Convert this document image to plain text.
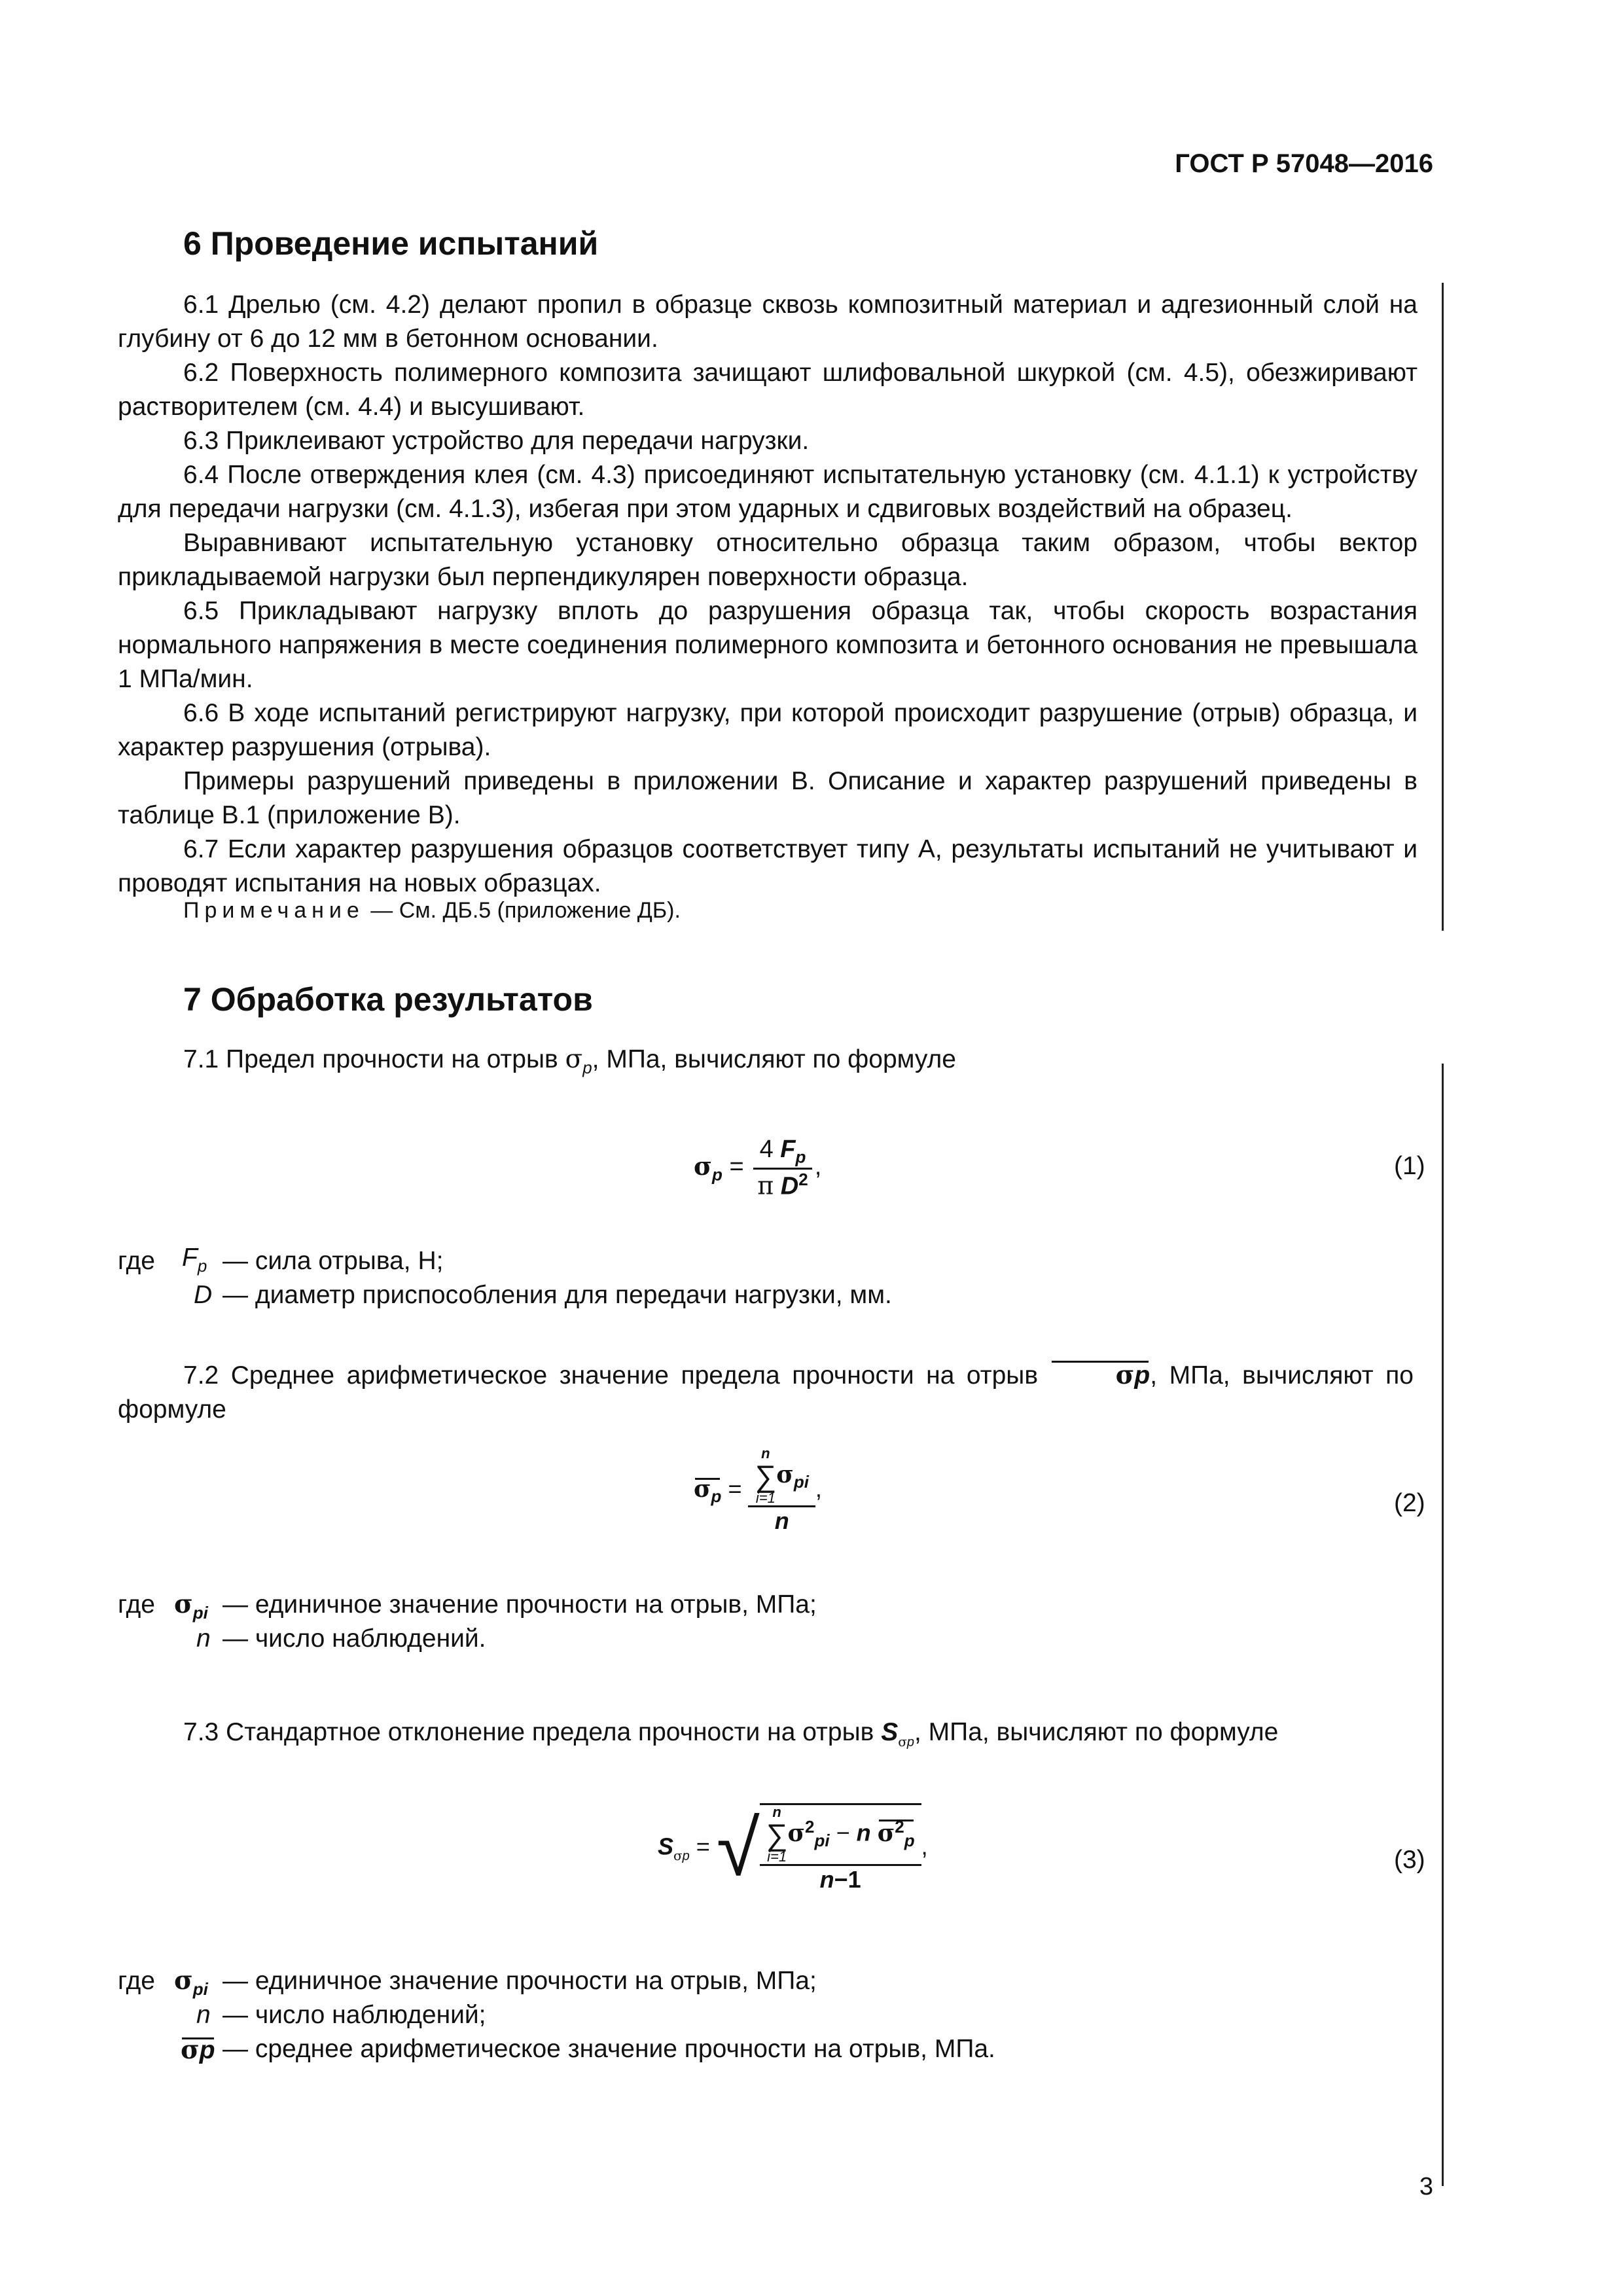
ГОСТ Р 57048—2016
6 Проведение испытаний

6.1 Дрелью (см. 4.2) делают пропил в образце сквозь композитный материал и адгезионный слой на глубину от 6 до 12 мм в бетонном основании.

6.2 Поверхность полимерного композита зачищают шлифовальной шкуркой (см. 4.5), обезжиривают растворителем (см. 4.4) и высушивают.

6.3 Приклеивают устройство для передачи нагрузки.

6.4 После отверждения клея (см. 4.3) присоединяют испытательную установку (см. 4.1.1) к устройству для передачи нагрузки (см. 4.1.3), избегая при этом ударных и сдвиговых воздействий на образец.

Выравнивают испытательную установку относительно образца таким образом, чтобы вектор прикладываемой нагрузки был перпендикулярен поверхности образца.

6.5 Прикладывают нагрузку вплоть до разрушения образца так, чтобы скорость возрастания нормального напряжения в месте соединения полимерного композита и бетонного основания не превышала 1 МПа/мин.

6.6 В ходе испытаний регистрируют нагрузку, при которой происходит разрушение (отрыв) образца, и характер разрушения (отрыва).

Примеры разрушений приведены в приложении В. Описание и характер разрушений приведены в таблице В.1 (приложение В).

6.7 Если характер разрушения образцов соответствует типу А, результаты испытаний не учитывают и проводят испытания на новых образцах.

Примечание — См. ДБ.5 (приложение ДБ).
7 Обработка результатов
7.1 Предел прочности на отрыв $\sigma_p$, МПа, вычисляют по формуле
$\sigma_p = \frac{4 F_p}{\pi D^2}$ ,	(1)
где $F_p$ — сила отрыва, Н;
D — диаметр приспособления для передачи нагрузки, мм.

7.2 Среднее арифметическое значение предела прочности на отрыв	σp, МПа, вычисляют по формуле

$\sigma_p = n$
∑
i=1
$\sigma_{pi}$
n ,
(2)
где $\sigma_{pi}$ — единичное значение прочности на отрыв, МПа;
n — число наблюдений.
7.3 Стандартное отклонение предела прочности на отрыв $S_{\sigma p}$, МПа, вычисляют по формуле
$S_{\sigma p}$ = √ n
∑
i=1
$\sigma^2_{pi} - n$ $\sigma^2_p$
n−1 ,	(3)
где $\sigma_{pi}$ — единичное значение прочности на отрыв, МПа;
n — число наблюдений;
σp — среднее арифметическое значение прочности на отрыв, МПа.
3
